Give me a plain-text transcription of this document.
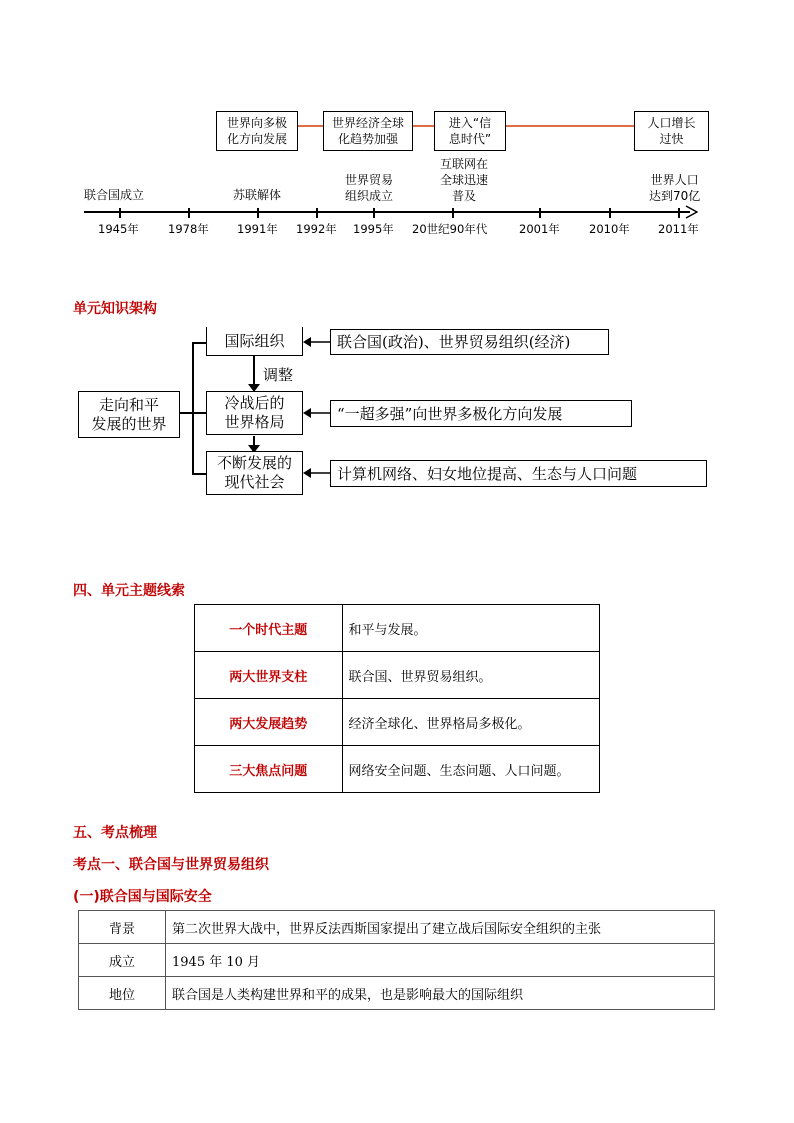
世界向多极
化方向发展
世界经济全球
化趋势加强
进入“信
息时代”
人口增长
过快
联合国成立	苏联解体
世界贸易
组织成立
互联网在
全球迅速
普及
世界人口
达到70亿
1945年	1978年 1991年 1992年 1995年 20世纪90年代	2001年	2010年 2011年
单元知识架构
调整
走向和平
发展的世界
国际组织	联合国(政治)、世界贸易组织(经济)
冷战后的
世界格局	“一超多强”向世界多极化方向发展
不断发展的
现代社会	计算机网络、妇女地位提高、生态与人口问题
四、单元主题线索
一个时代主题	和平与发展。
两大世界支柱	联合国、世界贸易组织。
两大发展趋势	经济全球化、世界格局多极化。
三大焦点问题	网络安全问题、生态问题、人口问题。
五、考点梳理
考点一、联合国与世界贸易组织
(一)联合国与国际安全
背景	第二次世界大战中，世界反法西斯国家提出了建立战后国际安全组织的主张
成立	1945 年 10 月
地位	联合国是人类构建世界和平的成果，也是影响最大的国际组织
